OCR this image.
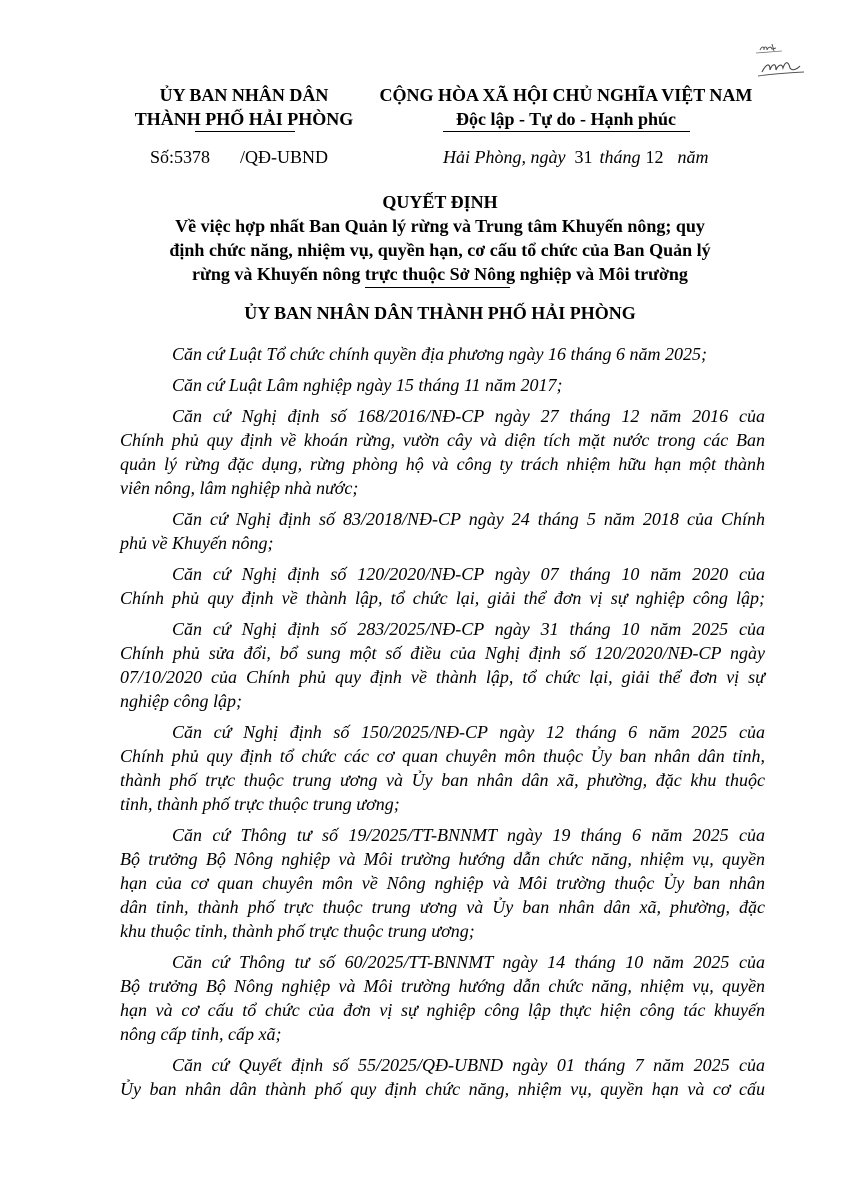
ỦY BAN NHÂN DÂN
THÀNH PHỐ HẢI PHÒNG
Số:5378 /QĐ-UBND
CỘNG HÒA XÃ HỘI CHỦ NGHĨA VIỆT NAM
Độc lập - Tự do - Hạnh phúc
Hải Phòng, ngày 31 tháng 12 năm
QUYẾT ĐỊNH
Về việc hợp nhất Ban Quản lý rừng và Trung tâm Khuyến nông; quy
định chức năng, nhiệm vụ, quyền hạn, cơ cấu tổ chức của Ban Quản lý
rừng và Khuyến nông trực thuộc Sở Nông nghiệp và Môi trường
ỦY BAN NHÂN DÂN THÀNH PHỐ HẢI PHÒNG
Căn cứ Luật Tổ chức chính quyền địa phương ngày 16 tháng 6 năm 2025;
Căn cứ Luật Lâm nghiệp ngày 15 tháng 11 năm 2017;
Căn cứ Nghị định số 168/2016/NĐ-CP ngày 27 tháng 12 năm 2016 của
Chính phủ quy định về khoán rừng, vườn cây và diện tích mặt nước trong các Ban
quản lý rừng đặc dụng, rừng phòng hộ và công ty trách nhiệm hữu hạn một thành
viên nông, lâm nghiệp nhà nước;
Căn cứ Nghị định số 83/2018/NĐ-CP ngày 24 tháng 5 năm 2018 của Chính
phủ về Khuyến nông;
Căn cứ Nghị định số 120/2020/NĐ-CP ngày 07 tháng 10 năm 2020 của
Chính phủ quy định về thành lập, tổ chức lại, giải thể đơn vị sự nghiệp công lập;
Căn cứ Nghị định số 283/2025/NĐ-CP ngày 31 tháng 10 năm 2025 của
Chính phủ sửa đổi, bổ sung một số điều của Nghị định số 120/2020/NĐ-CP ngày
07/10/2020 của Chính phủ quy định về thành lập, tổ chức lại, giải thể đơn vị sự
nghiệp công lập;
Căn cứ Nghị định số 150/2025/NĐ-CP ngày 12 tháng 6 năm 2025 của
Chính phủ quy định tổ chức các cơ quan chuyên môn thuộc Ủy ban nhân dân tỉnh,
thành phố trực thuộc trung ương và Ủy ban nhân dân xã, phường, đặc khu thuộc
tỉnh, thành phố trực thuộc trung ương;
Căn cứ Thông tư số 19/2025/TT-BNNMT ngày 19 tháng 6 năm 2025 của
Bộ trưởng Bộ Nông nghiệp và Môi trường hướng dẫn chức năng, nhiệm vụ, quyền
hạn của cơ quan chuyên môn về Nông nghiệp và Môi trường thuộc Ủy ban nhân
dân tỉnh, thành phố trực thuộc trung ương và Ủy ban nhân dân xã, phường, đặc
khu thuộc tỉnh, thành phố trực thuộc trung ương;
Căn cứ Thông tư số 60/2025/TT-BNNMT ngày 14 tháng 10 năm 2025 của
Bộ trưởng Bộ Nông nghiệp và Môi trường hướng dẫn chức năng, nhiệm vụ, quyền
hạn và cơ cấu tổ chức của đơn vị sự nghiệp công lập thực hiện công tác khuyến
nông cấp tỉnh, cấp xã;
Căn cứ Quyết định số 55/2025/QĐ-UBND ngày 01 tháng 7 năm 2025 của
Ủy ban nhân dân thành phố quy định chức năng, nhiệm vụ, quyền hạn và cơ cấu
